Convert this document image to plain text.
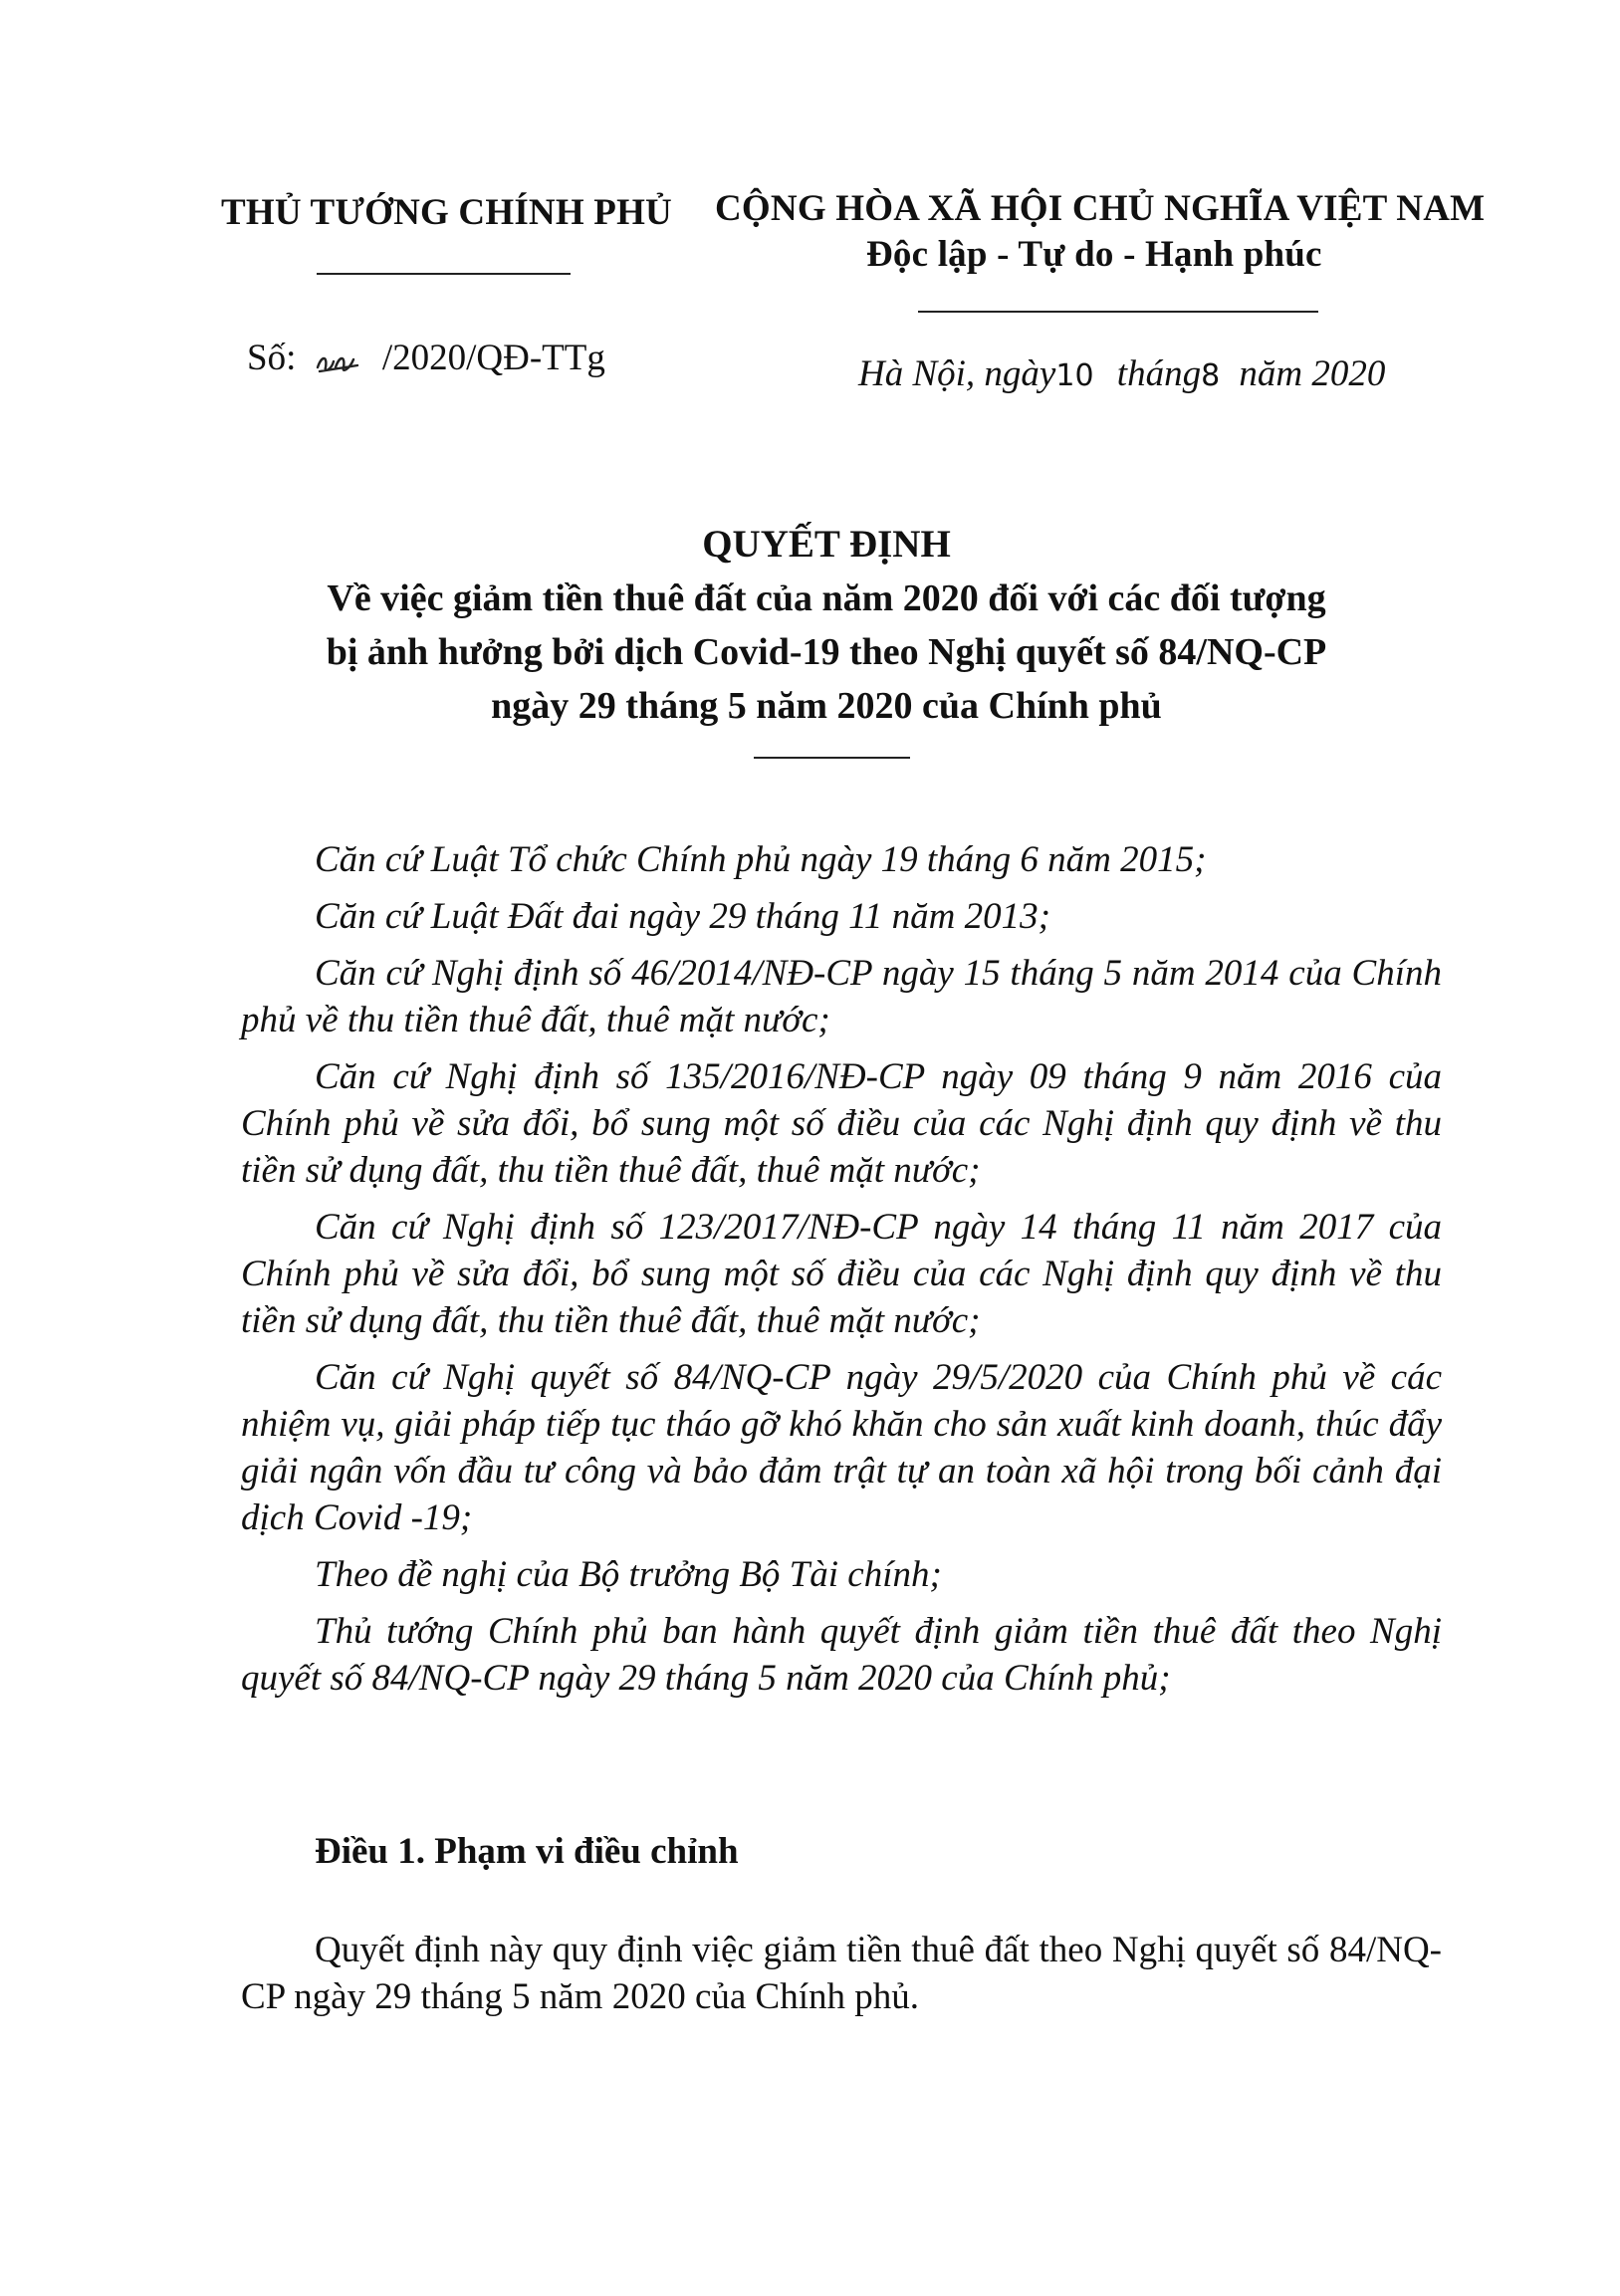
THỦ TƯỚNG CHÍNH PHỦ CỘNG HÒA XÃ HỘI CHỦ NGHĨA VIỆT NAM
Độc lập - Tự do - Hạnh phúc
Số: /2020/QĐ-TTg	Hà Nội, ngày10 tháng8 năm 2020
QUYẾT ĐỊNH
Về việc giảm tiền thuê đất của năm 2020 đối với các đối tượng
bị ảnh hưởng bởi dịch Covid-19 theo Nghị quyết số 84/NQ-CP
ngày 29 tháng 5 năm 2020 của Chính phủ

Căn cứ Luật Tổ chức Chính phủ ngày 19 tháng 6 năm 2015;

Căn cứ Luật Đất đai ngày 29 tháng 11 năm 2013;

Căn cứ Nghị định số 46/2014/NĐ-CP ngày 15 tháng 5 năm 2014 của Chính phủ về thu tiền thuê đất, thuê mặt nước;

Căn cứ Nghị định số 135/2016/NĐ-CP ngày 09 tháng 9 năm 2016 của Chính phủ về sửa đổi, bổ sung một số điều của các Nghị định quy định về thu tiền sử dụng đất, thu tiền thuê đất, thuê mặt nước;

Căn cứ Nghị định số 123/2017/NĐ-CP ngày 14 tháng 11 năm 2017 của Chính phủ về sửa đổi, bổ sung một số điều của các Nghị định quy định về thu tiền sử dụng đất, thu tiền thuê đất, thuê mặt nước;

Căn cứ Nghị quyết số 84/NQ-CP ngày 29/5/2020 của Chính phủ về các nhiệm vụ, giải pháp tiếp tục tháo gỡ khó khăn cho sản xuất kinh doanh, thúc đẩy giải ngân vốn đầu tư công và bảo đảm trật tự an toàn xã hội trong bối cảnh đại dịch Covid -19;

Theo đề nghị của Bộ trưởng Bộ Tài chính;

Thủ tướng Chính phủ ban hành quyết định giảm tiền thuê đất theo Nghị quyết số 84/NQ-CP ngày 29 tháng 5 năm 2020 của Chính phủ;

Điều 1. Phạm vi điều chỉnh

Quyết định này quy định việc giảm tiền thuê đất theo Nghị quyết số 84/NQ-CP ngày 29 tháng 5 năm 2020 của Chính phủ.
